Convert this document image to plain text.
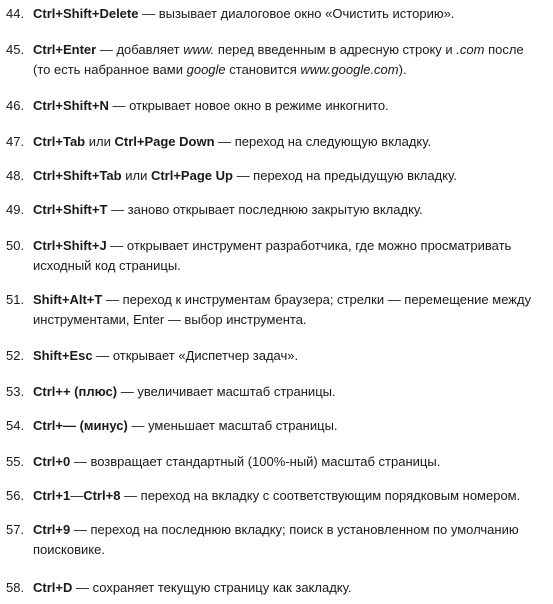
44. Ctrl+Shift+Delete — вызывает диалоговое окно «Очистить историю».
45. Ctrl+Enter — добавляет www. перед введенным в адресную строку и .com после
(то есть набранное вами google становится www.google.com).
46. Ctrl+Shift+N — открывает новое окно в режиме инкогнито.
47. Ctrl+Tab или Ctrl+Page Down — переход на следующую вкладку.
48. Ctrl+Shift+Tab или Ctrl+Page Up — переход на предыдущую вкладку.
49. Ctrl+Shift+T — заново открывает последнюю закрытую вкладку.
50. Ctrl+Shift+J — открывает инструмент разработчика, где можно просматривать
исходный код страницы.
51. Shift+Alt+T — переход к инструментам браузера; стрелки — перемещение между
инструментами, Enter — выбор инструмента.
52. Shift+Esc — открывает «Диспетчер задач».
53. Ctrl++ (плюс) — увеличивает масштаб страницы.
54. Ctrl+— (минус) — уменьшает масштаб страницы.
55. Ctrl+0 — возвращает стандартный (100%-ный) масштаб страницы.
56. Ctrl+1—Ctrl+8 — переход на вкладку с соответствующим порядковым номером.
57. Ctrl+9 — переход на последнюю вкладку; поиск в установленном по умолчанию
поисковике.
58. Ctrl+D — сохраняет текущую страницу как закладку.
